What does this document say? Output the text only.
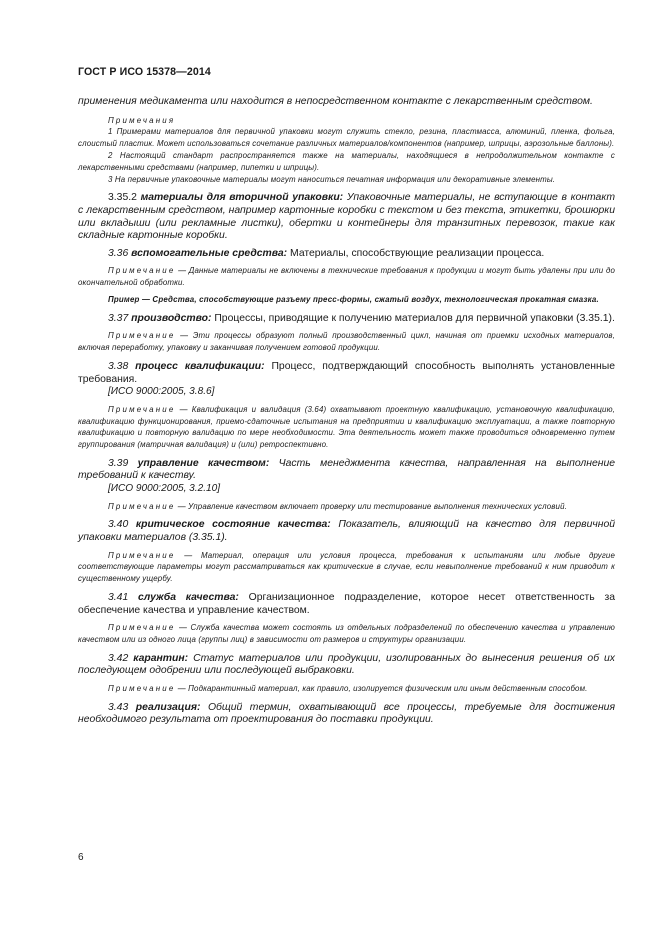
ГОСТ Р ИСО 15378—2014

применения медикамента или находится в непосредственном контакте с лекарственным средством.

Примечания

1 Примерами материалов для первичной упаковки могут служить стекло, резина, пластмасса, алюминий, пленка, фольга, слоистый пластик. Может использоваться сочетание различных материалов/компонентов (например, шприцы, аэрозольные баллоны).

2 Настоящий стандарт распространяется также на материалы, находящиеся в непродолжительном контакте с лекарственными средствами (например, пипетки и шприцы).

3 На первичные упаковочные материалы могут наноситься печатная информация или декоративные элементы.

3.35.2 материалы для вторичной упаковки: Упаковочные материалы, не вступающие в контакт с лекарственным средством, например картонные коробки с текстом и без текста, этикетки, брошюрки или вкладыши (или рекламные листки), обертки и контейнеры для транзитных перевозок, такие как складные картонные коробки.

3.36 вспомогательные средства: Материалы, способствующие реализации процесса.

Примечание — Данные материалы не включены в технические требования к продукции и могут быть удалены при или до окончательной обработки.

Пример — Средства, способствующие разъему пресс-формы, сжатый воздух, технологическая прокатная смазка.

3.37 производство: Процессы, приводящие к получению материалов для первичной упаковки (3.35.1).

Примечание — Эти процессы образуют полный производственный цикл, начиная от приемки исходных материалов, включая переработку, упаковку и заканчивая получением готовой продукции.

3.38 процесс квалификации: Процесс, подтверждающий способность выполнять установленные требования.

[ИСО 9000:2005, 3.8.6]

Примечание — Квалификация и валидация (3.64) охватывают проектную квалификацию, установочную квалификацию, квалификацию функционирования, приемо-сдаточные испытания на предприятии и квалификацию эксплуатации, а также повторную квалификацию и повторную валидацию по мере необходимости. Эта деятельность может также проводиться одновременно путем группирования (матричная валидация) и (или) ретроспективно.

3.39 управление качеством: Часть менеджмента качества, направленная на выполнение требований к качеству.

[ИСО 9000:2005, 3.2.10]

Примечание — Управление качеством включает проверку или тестирование выполнения технических условий.

3.40 критическое состояние качества: Показатель, влияющий на качество для первичной упаковки материалов (3.35.1).

Примечание — Материал, операция или условия процесса, требования к испытаниям или любые другие соответствующие параметры могут рассматриваться как критические в случае, если невыполнение требований к ним приводит к существенному ущербу.

3.41 служба качества: Организационное подразделение, которое несет ответственность за обеспечение качества и управление качеством.

Примечание — Служба качества может состоять из отдельных подразделений по обеспечению качества и управлению качеством или из одного лица (группы лиц) в зависимости от размеров и структуры организации.

3.42 карантин: Статус материалов или продукции, изолированных до вынесения решения об их последующем одобрении или последующей выбраковки.

Примечание — Подкарантинный материал, как правило, изолируется физическим или иным действенным способом.

3.43 реализация: Общий термин, охватывающий все процессы, требуемые для достижения необходимого результата от проектирования до поставки продукции.

6
